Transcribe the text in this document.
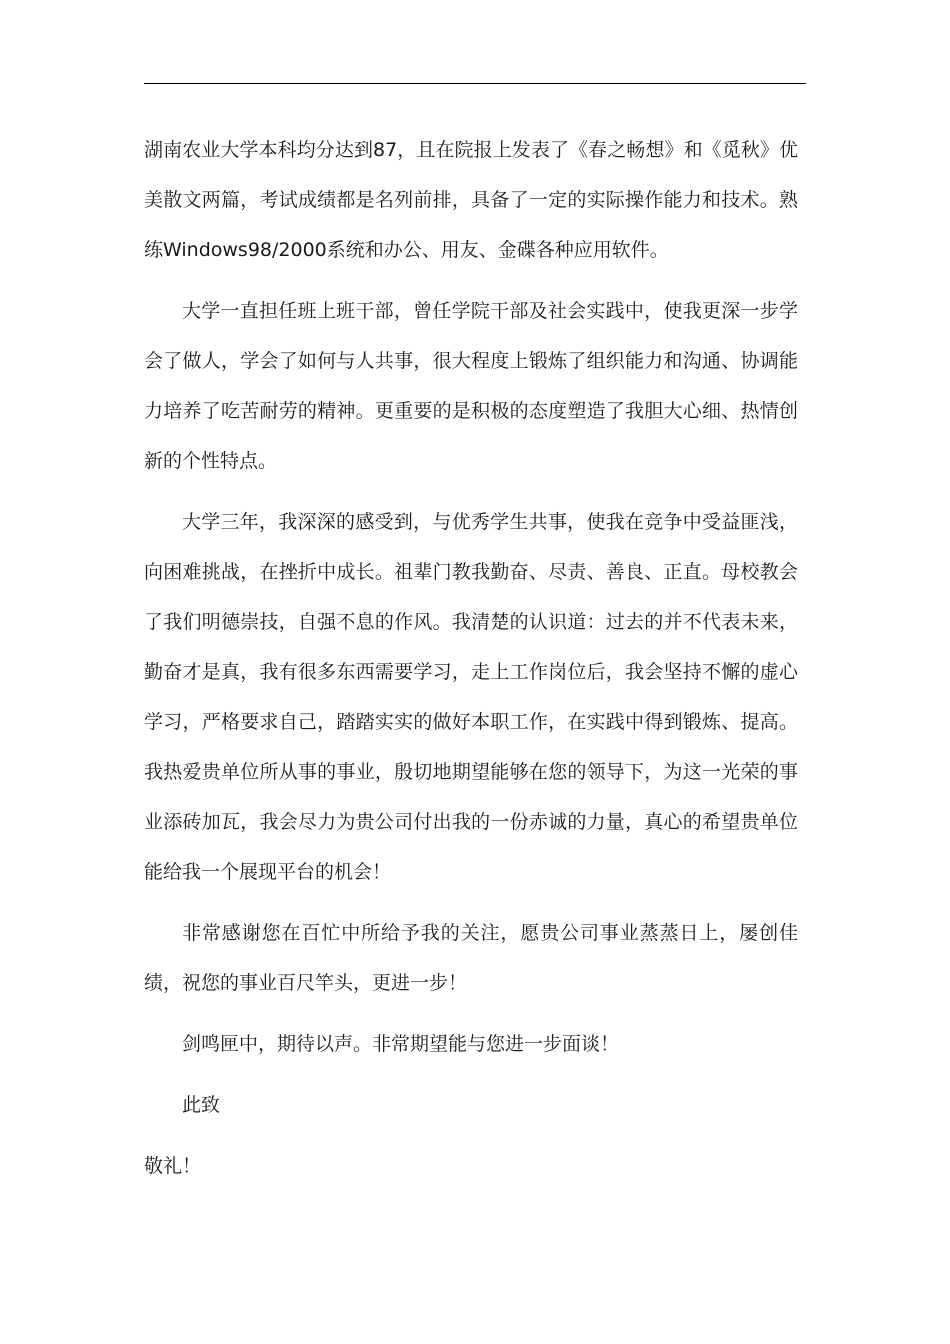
湖南农业大学本科均分达到87，且在院报上发表了《春之畅想》和《觅秋》优美散文两篇，考试成绩都是名列前排，具备了一定的实际操作能力和技术。熟练Windows98/2000系统和办公、用友、金碟各种应用软件。

大学一直担任班上班干部，曾任学院干部及社会实践中，使我更深一步学会了做人，学会了如何与人共事，很大程度上锻炼了组织能力和沟通、协调能力培养了吃苦耐劳的精神。更重要的是积极的态度塑造了我胆大心细、热情创新的个性特点。

大学三年，我深深的感受到，与优秀学生共事，使我在竞争中受益匪浅，向困难挑战，在挫折中成长。祖辈门教我勤奋、尽责、善良、正直。母校教会了我们明德崇技，自强不息的作风。我清楚的认识道：过去的并不代表未来，勤奋才是真，我有很多东西需要学习，走上工作岗位后，我会坚持不懈的虚心学习，严格要求自己，踏踏实实的做好本职工作，在实践中得到锻炼、提高。我热爱贵单位所从事的事业，殷切地期望能够在您的领导下，为这一光荣的事业添砖加瓦，我会尽力为贵公司付出我的一份赤诚的力量，真心的希望贵单位能给我一个展现平台的机会！

非常感谢您在百忙中所给予我的关注，愿贵公司事业蒸蒸日上，屡创佳绩，祝您的事业百尺竿头，更进一步！

剑鸣匣中，期待以声。非常期望能与您进一步面谈！

此致

敬礼！
